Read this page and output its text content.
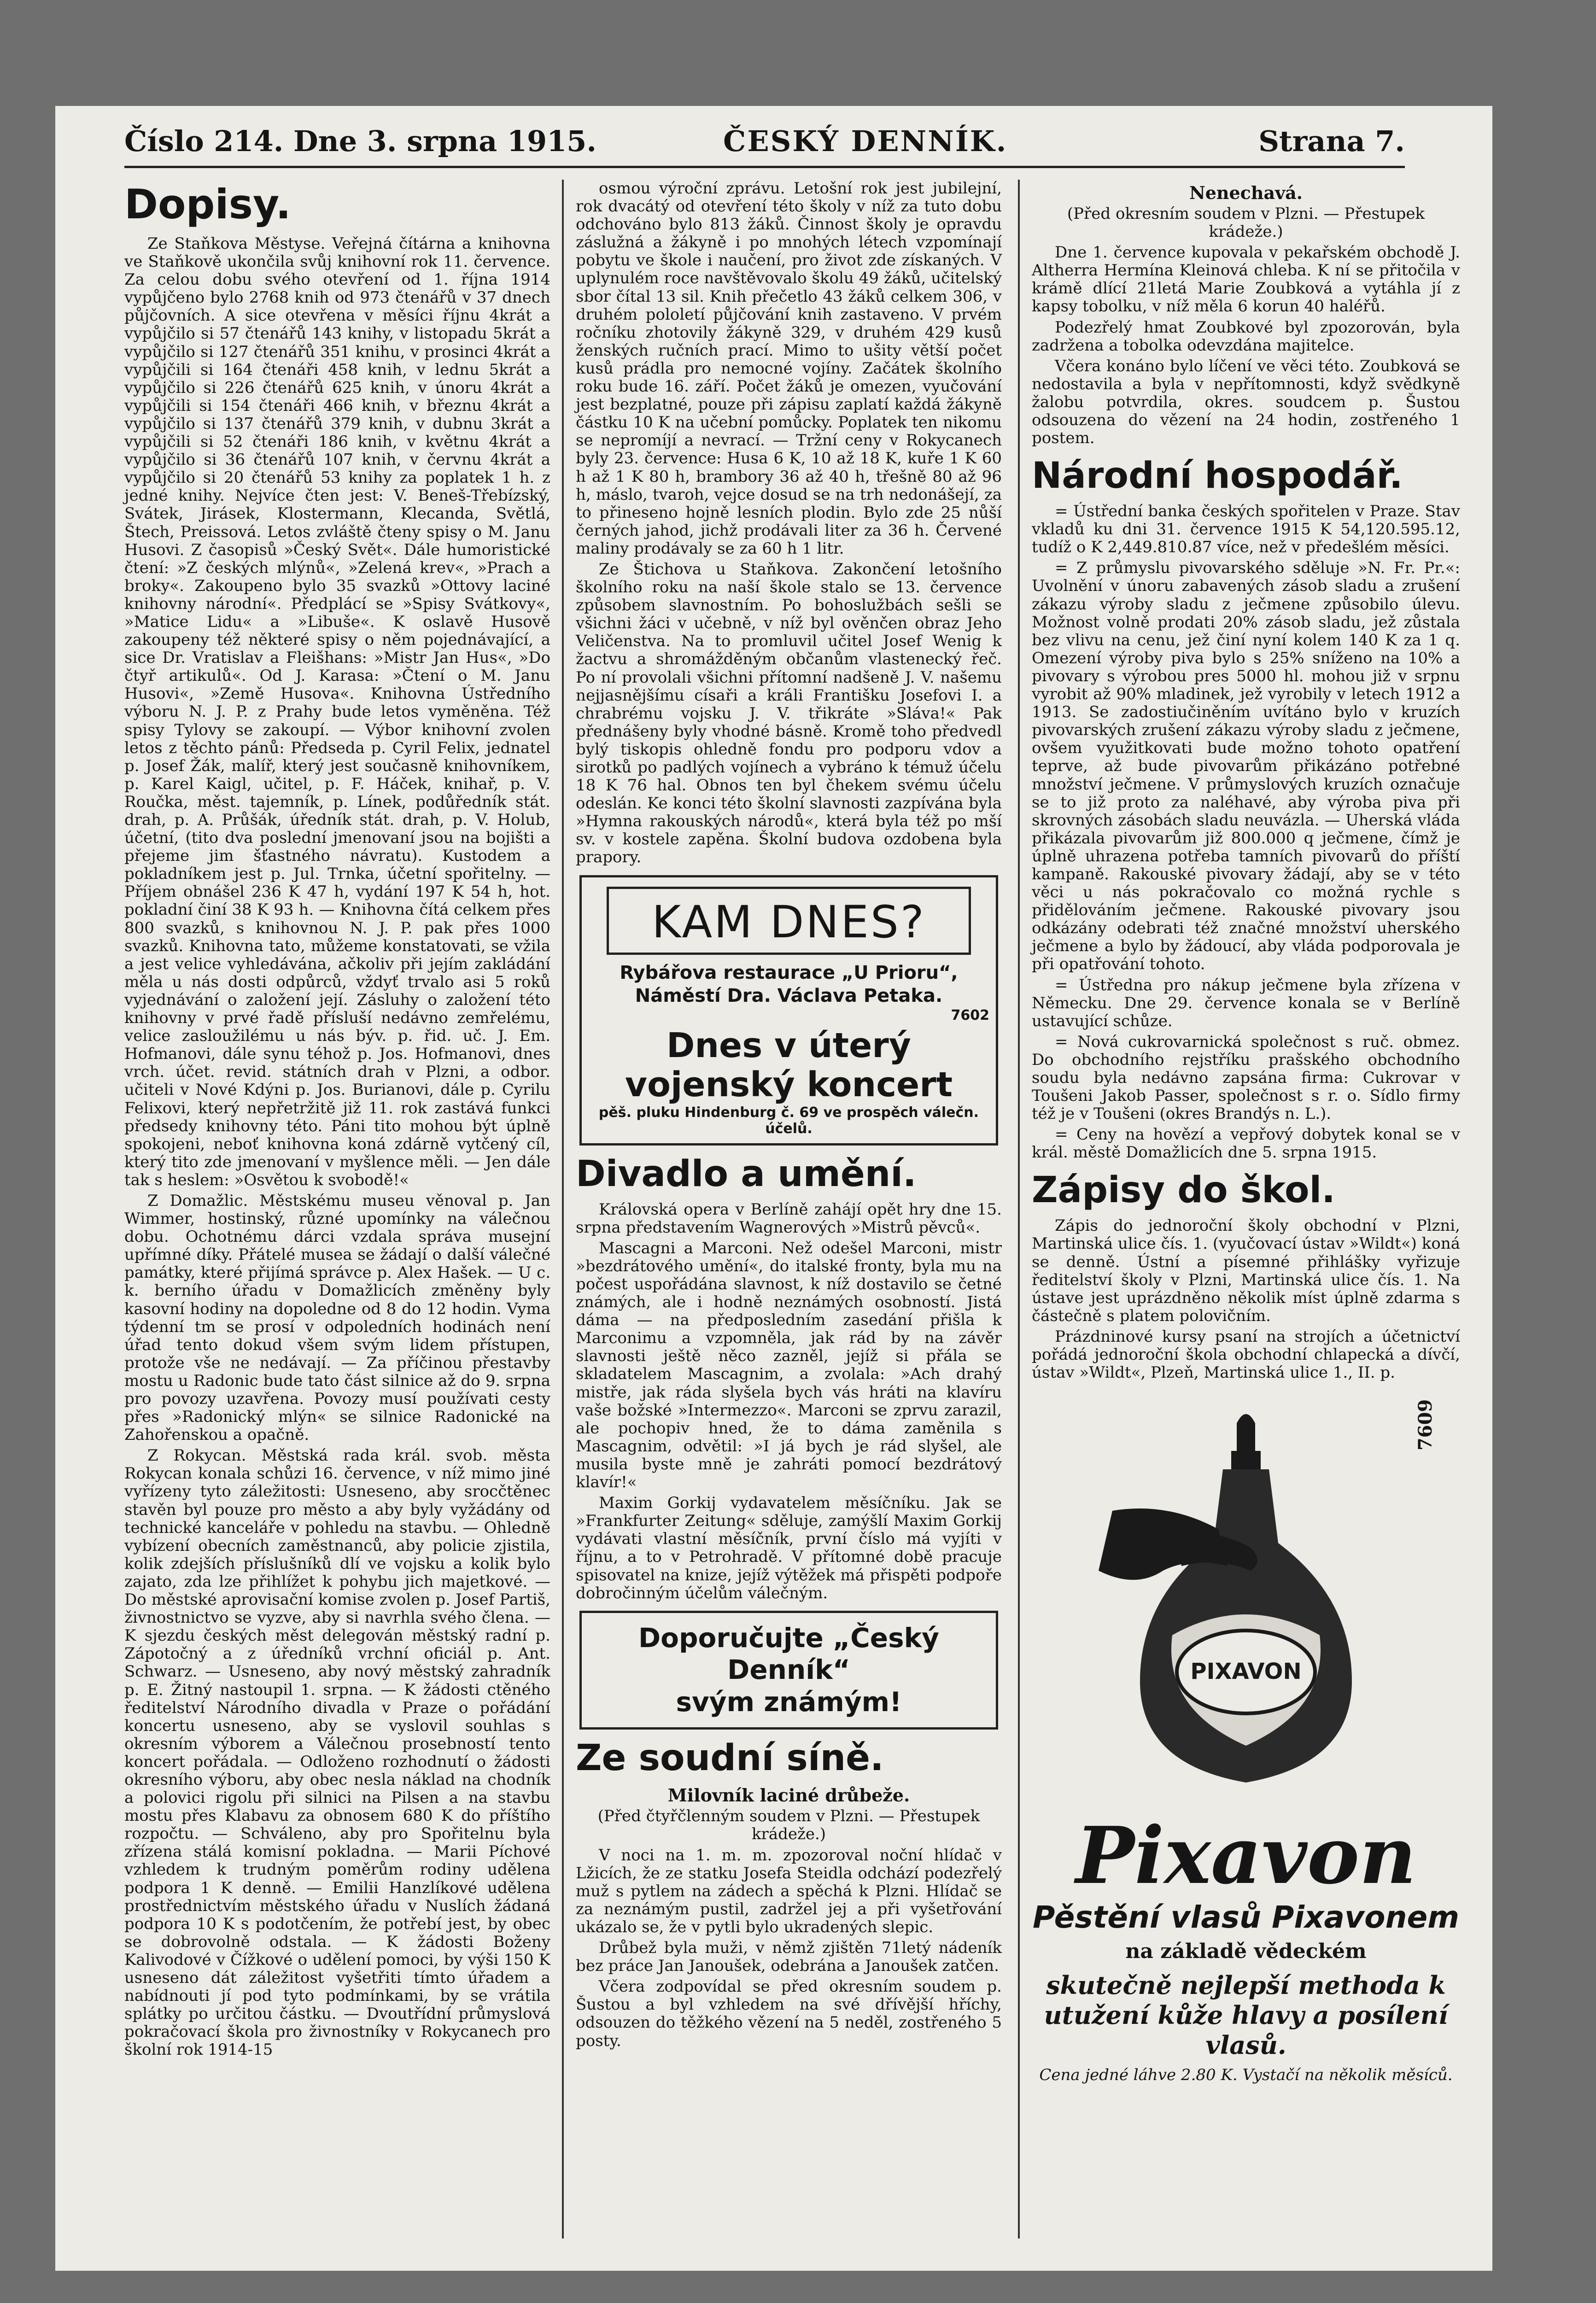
Číslo 214. Dne 3. srpna 1915.	ČESKÝ DENNÍK.	Strana 7.
Dopisy.

Ze Staňkova Městyse. Veřejná čítárna a knihovna ve Staňkově ukončila svůj knihovní rok 11. července. Za celou dobu svého otevření od 1. října 1914 vypůjčeno bylo 2768 knih od 973 čtenářů v 37 dnech půjčovních. A sice otevřena v měsíci říjnu 4krát a vypůjčilo si 57 čtenářů 143 knihy, v listopadu 5krát a vypůjčilo si 127 čtenářů 351 knihu, v prosinci 4krát a vypůjčili si 164 čtenáři 458 knih, v lednu 5krát a vypůjčilo si 226 čtenářů 625 knih, v únoru 4krát a vypůjčili si 154 čtenáři 466 knih, v březnu 4krát a vypůjčilo si 137 čtenářů 379 knih, v dubnu 3krát a vypůjčili si 52 čtenáři 186 knih, v květnu 4krát a vypůjčilo si 36 čtenářů 107 knih, v červnu 4krát a vypůjčilo si 20 čtenářů 53 knihy za poplatek 1 h. z jedné knihy. Nejvíce čten jest: V. Beneš-Třebízský, Svátek, Jirásek, Klostermann, Klecanda, Světlá, Štech, Preissová. Letos zvláště čteny spisy o M. Janu Husovi. Z časopisů »Český Svět«. Dále humoristické čtení: »Z českých mlýnů«, »Zelená krev«, »Prach a broky«. Zakoupeno bylo 35 svazků »Ottovy laciné knihovny národní«. Předplácí se »Spisy Svátkovy«, »Matice Lidu« a »Libuše«. K oslavě Husově zakoupeny též některé spisy o něm pojednávající, a sice Dr. Vratislav a Fleišhans: »Mistr Jan Hus«, »Do čtyř artikulů«. Od J. Karasa: »Čtení o M. Janu Husovi«, »Země Husova«. Knihovna Ústředního výboru N. J. P. z Prahy bude letos vyměněna. Též spisy Tylovy se zakoupí. — Výbor knihovní zvolen letos z těchto pánů: Předseda p. Cyril Felix, jednatel p. Josef Žák, malíř, který jest současně knihovníkem, p. Karel Kaigl, učitel, p. F. Háček, knihař, p. V. Roučka, měst. tajemník, p. Línek, podůředník stát. drah, p. A. Průšák, úředník stát. drah, p. V. Holub, účetní, (tito dva poslední jmenovaní jsou na bojišti a přejeme jim šťastného návratu). Kustodem a pokladníkem jest p. Jul. Trnka, účetní spořitelny. — Příjem obnášel 236 K 47 h, vydání 197 K 54 h, hot. pokladní činí 38 K 93 h. — Knihovna čítá celkem přes 800 svazků, s knihovnou N. J. P. pak přes 1000 svazků. Knihovna tato, můžeme konstatovati, se vžila a jest velice vyhledávána, ačkoliv při jejím zakládání měla u nás dosti odpůrců, vždyť trvalo asi 5 roků vyjednávání o založení její. Zásluhy o založení této knihovny v prvé řadě přísluší nedávno zemřelému, velice zasloužilému u nás býv. p. řid. uč. J. Em. Hofmanovi, dále synu téhož p. Jos. Hofmanovi, dnes vrch. účet. revid. státních drah v Plzni, a odbor. učiteli v Nové Kdýni p. Jos. Burianovi, dále p. Cyrilu Felixovi, který nepřetržitě již 11. rok zastává funkci předsedy knihovny této. Páni tito mohou být úplně spokojeni, neboť knihovna koná zdárně vytčený cíl, který tito zde jmenovaní v myšlence měli. — Jen dále tak s heslem: »Osvětou k svobodě!«

Z Domažlic. Městskému museu věnoval p. Jan Wimmer, hostinský, různé upomínky na válečnou dobu. Ochotnému dárci vzdala správa musejní upřímné díky. Přátelé musea se žádají o další válečné památky, které přijímá správce p. Alex Hašek. — U c. k. berního úřadu v Domažlicích změněny byly kasovní hodiny na dopoledne od 8 do 12 hodin. Vyma týdenní tm se prosí v odpoledních hodinách není úřad tento dokud všem svým lidem přístupen, protože vše ne nedávají. — Za příčinou přestavby mostu u Radonic bude tato část silnice až do 9. srpna pro povozy uzavřena. Povozy musí používati cesty přes »Radonický mlýn« se silnice Radonické na Zahořenskou a opačně.

Z Rokycan. Městská rada král. svob. města Rokycan konala schůzi 16. července, v níž mimo jiné vyřízeny tyto záležitosti: Usneseno, aby srocčtěnec stavěn byl pouze pro město a aby byly vyžádány od technické kanceláře v pohledu na stavbu. — Ohledně vybízení obecních zaměstnanců, aby policie zjistila, kolik zdejších příslušníků dlí ve vojsku a kolik bylo zajato, zda lze přihlížet k pohybu jich majetkové. — Do městské aprovisační komise zvolen p. Josef Partiš, živnostnictvo se vyzve, aby si navrhla svého člena. — K sjezdu českých měst delegován městský radní p. Zápotočný a z úředníků vrchní oficiál p. Ant. Schwarz. — Usneseno, aby nový městský zahradník p. E. Žitný nastoupil 1. srpna. — K žádosti ctěného ředitelství Národního divadla v Praze o pořádání koncertu usneseno, aby se vyslovil souhlas s okresním výborem a Válečnou prosebností tento koncert pořádala. — Odloženo rozhodnutí o žádosti okresního výboru, aby obec nesla náklad na chodník a polovici rigolu při silnici na Pilsen a na stavbu mostu přes Klabavu za obnosem 680 K do příštího rozpočtu. — Schváleno, aby pro Spořitelnu byla zřízena stálá komisní pokladna. — Marii Píchové vzhledem k trudným poměrům rodiny udělena podpora 1 K denně. — Emilii Hanzlíkové udělena prostřednictvím městského úřadu v Nuslích žádaná podpora 10 K s podotčením, že potřebí jest, by obec se dobrovolně odstala. — K žádosti Boženy Kalivodové v Čížkové o udělení pomoci, by výši 150 K usneseno dát záležitost vyšetřiti tímto úřadem a nabídnouti jí pod tyto podmínkami, by se vrátila splátky po určitou částku. — Dvoutřídní průmyslová pokračovací škola pro živnostníky v Rokycanech pro školní rok 1914-15

osmou výroční zprávu. Letošní rok jest jubilejní, rok dvacátý od otevření této školy v níž za tuto dobu odchováno bylo 813 žáků. Činnost školy je opravdu záslužná a žákyně i po mnohých létech vzpomínají pobytu ve škole i naučení, pro život zde získaných. V uplynulém roce navštěvovalo školu 49 žáků, učitelský sbor čítal 13 sil. Knih přečetlo 43 žáků celkem 306, v druhém pololetí půjčování knih zastaveno. V prvém ročníku zhotovily žákyně 329, v druhém 429 kusů ženských ručních prací. Mimo to ušity větší počet kusů prádla pro nemocné vojíny. Začátek školního roku bude 16. září. Počet žáků je omezen, vyučování jest bezplatné, pouze při zápisu zaplatí každá žákyně částku 10 K na učební pomůcky. Poplatek ten nikomu se nepromíjí a nevrací. — Tržní ceny v Rokycanech byly 23. července: Husa 6 K, 10 až 18 K, kuře 1 K 60 h až 1 K 80 h, brambory 36 až 40 h, třešně 80 až 96 h, máslo, tvaroh, vejce dosud se na trh nedonášejí, za to přineseno hojně lesních plodin. Bylo zde 25 nůší černých jahod, jichž prodávali liter za 36 h. Červené maliny prodávaly se za 60 h 1 litr.

Ze Štichova u Staňkova. Zakončení letošního školního roku na naší škole stalo se 13. července způsobem slavnostním. Po bohoslužbách sešli se všichni žáci v učebně, v níž byl ověnčen obraz Jeho Veličenstva. Na to promluvil učitel Josef Wenig k žactvu a shromážděným občanům vlastenecký řeč. Po ní provolali všichni přítomní nadšeně J. V. našemu nejjasnějšímu císaři a králi Františku Josefovi I. a chrabrému vojsku J. V. třikráte »Sláva!« Pak přednášeny byly vhodné básně. Kromě toho předvedl bylý tiskopis ohledně fondu pro podporu vdov a sirotků po padlých vojínech a vybráno k témuž účelu 18 K 76 hal. Obnos ten byl čhekem svému účelu odeslán. Ke konci této školní slavnosti zazpívána byla »Hymna rakouských národů«, která byla též po mší sv. v kostele zapěna. Školní budova ozdobena byla prapory.

KAM DNES?
Rybářova restaurace „U Prioru“, Náměstí Dra. Václava Petaka.
7602
Dnes v úterý vojenský koncert
pěš. pluku Hindenburg č. 69 ve prospěch válečn. účelů.
Divadlo a umění.

Královská opera v Berlíně zahájí opět hry dne 15. srpna představením Wagnerových »Mistrů pěvců«.

Mascagni a Marconi. Než odešel Marconi, mistr »bezdrátového umění«, do italské fronty, byla mu na počest uspořádána slavnost, k níž dostavilo se četné známých, ale i hodně neznámých osobností. Jistá dáma — na předposledním zasedání přišla k Marconimu a vzpomněla, jak rád by na závěr slavnosti ještě něco zazněl, jejíž si přála se skladatelem Mascagnim, a zvolala: »Ach drahý mistře, jak ráda slyšela bych vás hráti na klavíru vaše božské »Intermezzo«. Marconi se zprvu zarazil, ale pochopiv hned, že to dáma zaměnila s Mascagnim, odvětil: »I já bych je rád slyšel, ale musila byste mně je zahráti pomocí bezdrátový klavír!«

Maxim Gorkij vydavatelem měsíčníku. Jak se »Frankfurter Zeitung« sděluje, zamýšlí Maxim Gorkij vydávati vlastní měsíčník, první číslo má vyjíti v říjnu, a to v Petrohradě. V přítomné době pracuje spisovatel na knize, jejíž výtěžek má přispěti podpoře dobročinným účelům válečným.

Doporučujte „Český Denník“
svým známým!
Ze soudní síně.
Milovník laciné drůbeže.

(Před čtyřčlenným soudem v Plzni. — Přestupek krádeže.)

V noci na 1. m. m. zpozoroval noční hlídač v Lžicích, že ze statku Josefa Steidla odchází podezřelý muž s pytlem na zádech a spěchá k Plzni. Hlídač se za neznámým pustil, zadržel jej a při vyšetřování ukázalo se, že v pytli bylo ukradených slepic.

Drůbež byla muži, v němž zjištěn 71letý nádeník bez práce Jan Janoušek, odebrána a Janoušek zatčen.

Včera zodpovídal se před okresním soudem p. Šustou a byl vzhledem na své dřívější hříchy, odsouzen do těžkého vězení na 5 neděl, zostřeného 5 posty.

Nenechavá.

(Před okresním soudem v Plzni. — Přestupek krádeže.)

Dne 1. července kupovala v pekařském obchodě J. Altherra Hermína Kleinová chleba. K ní se přitočila v krámě dlící 21letá Marie Zoubková a vytáhla jí z kapsy tobolku, v níž měla 6 korun 40 haléřů.

Podezřelý hmat Zoubkové byl zpozorován, byla zadržena a tobolka odevzdána majitelce.

Včera konáno bylo líčení ve věci této. Zoubková se nedostavila a byla v nepřítomnosti, když svědkyně žalobu potvrdila, okres. soudcem p. Šustou odsouzena do vězení na 24 hodin, zostřeného 1 postem.

Národní hospodář.

= Ústřední banka českých spořitelen v Praze. Stav vkladů ku dni 31. července 1915 K 54,120.595.12, tudíž o K 2,449.810.87 více, než v předešlém měsíci.

= Z průmyslu pivovarského sděluje »N. Fr. Pr.«: Uvolnění v únoru zabavených zásob sladu a zrušení zákazu výroby sladu z ječmene způsobilo úlevu. Možnost volně prodati 20% zásob sladu, jež zůstala bez vlivu na cenu, jež činí nyní kolem 140 K za 1 q. Omezení výroby piva bylo s 25% sníženo na 10% a pivovary s výrobou pres 5000 hl. mohou již v srpnu vyrobit až 90% mladinek, jež vyrobily v letech 1912 a 1913. Se zadostiučiněním uvítáno bylo v kruzích pivovarských zrušení zákazu výroby sladu z ječmene, ovšem využitkovati bude možno tohoto opatření teprve, až bude pivovarům přikázáno potřebné množství ječmene. V průmyslových kruzích označuje se to již proto za naléhavé, aby výroba piva při skrovných zásobách sladu neuvázla. — Uherská vláda přikázala pivovarům již 800.000 q ječmene, čímž je úplně uhrazena potřeba tamních pivovarů do příští kampaně. Rakouské pivovary žádají, aby se v této věci u nás pokračovalo co možná rychle s přidělováním ječmene. Rakouské pivovary jsou odkázány odebrati též značné množství uherského ječmene a bylo by žádoucí, aby vláda podporovala je při opatřování tohoto.

= Ústředna pro nákup ječmene byla zřízena v Německu. Dne 29. července konala se v Berlíně ustavující schůze.

= Nová cukrovarnická společnost s ruč. obmez. Do obchodního rejstříku prašského obchodního soudu byla nedávno zapsána firma: Cukrovar v Toušeni Jakob Passer, společnost s r. o. Sídlo firmy též je v Toušeni (okres Brandýs n. L.).

= Ceny na hovězí a vepřový dobytek konal se v král. městě Domažlicích dne 5. srpna 1915.

Zápisy do škol.

Zápis do jednoroční školy obchodní v Plzni, Martinská ulice čís. 1. (vyučovací ústav »Wildt«) koná se denně. Ústní a písemné přihlášky vyřizuje ředitelství školy v Plzni, Martinská ulice čís. 1. Na ústave jest uprázdněno několik míst úplně zdarma s částečně s platem polovičním.

Prázdninové kursy psaní na strojích a účetnictví pořádá jednoroční škola obchodní chlapecká a dívčí, ústav »Wildt«, Plzeň, Martinská ulice 1., II. p.

7609
PIXAVON
Pixavon
Pěstění vlasů Pixavonem
na základě vědeckém
skutečně nejlepší methoda k utužení kůže hlavy a posílení vlasů.
Cena jedné láhve 2.80 K. Vystačí na několik měsíců.
